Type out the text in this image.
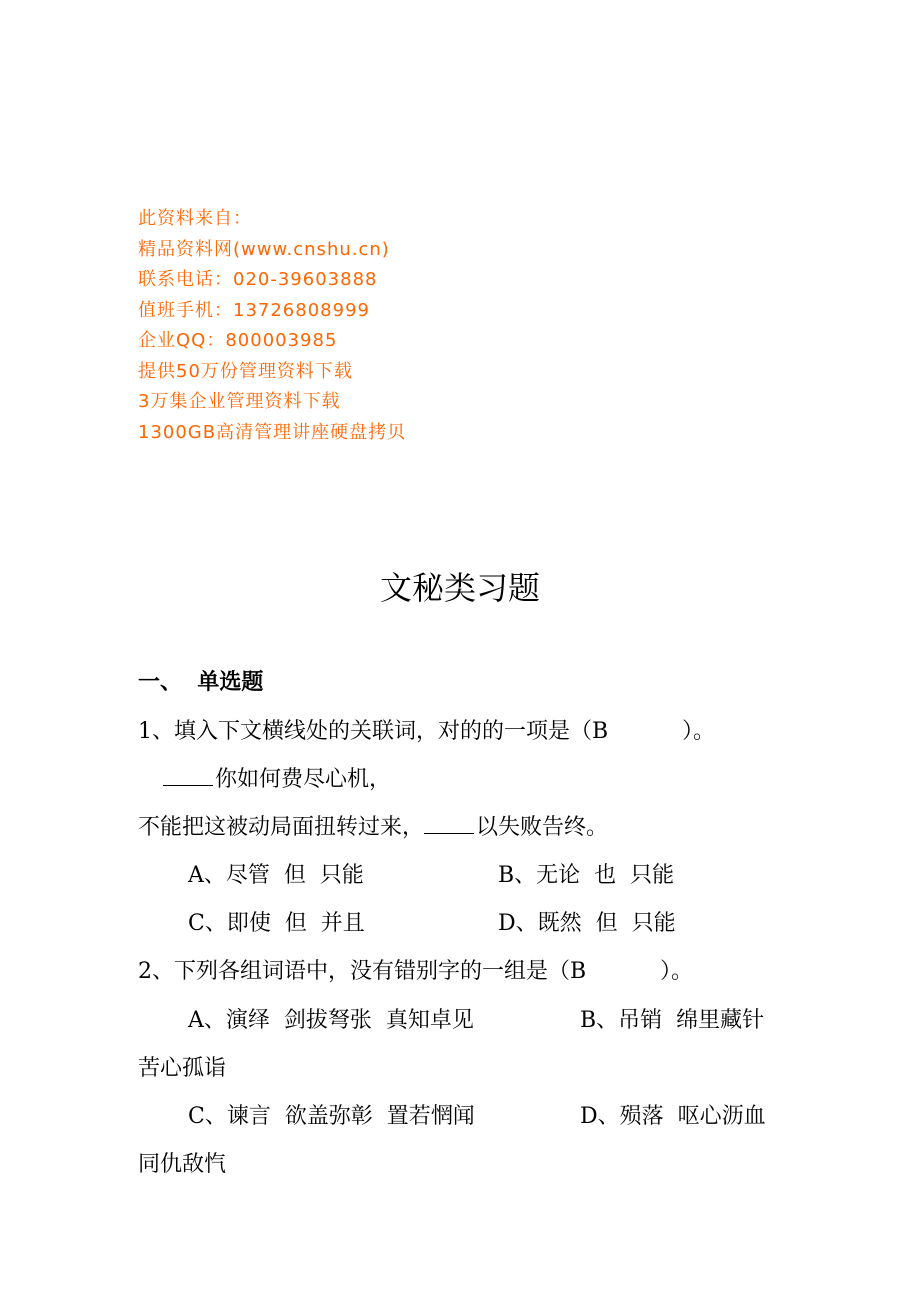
此资料来自：
精品资料网(www.cnshu.cn)
联系电话：020-39603888
值班手机：13726808999
企业QQ：800003985
提供50万份管理资料下载
3万集企业管理资料下载
1300GB高清管理讲座硬盘拷贝
文秘类习题
一、  单选题
1、填入下文横线处的关联词，对的的一项是（B	）。
你如何费尽心机，
不能把这被动局面扭转过来， 以失败告终。
A、尽管  但  只能	B、无论  也  只能
C、即使  但  并且	D、既然  但  只能
2、下列各组词语中，没有错别字的一组是（B	）。
A、演绎  剑拔弩张  真知卓见	B、吊销  绵里藏针
苦心孤诣
C、谏言  欲盖弥彰  置若惘闻	D、殒落  呕心沥血
同仇敌忾
